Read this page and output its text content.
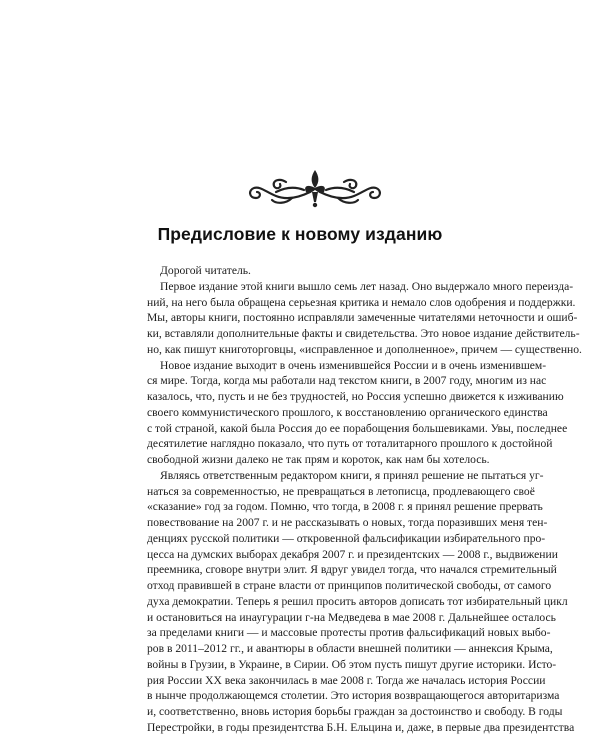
Предисловие к новому изданию
Дорогой читатель.
Первое издание этой книги вышло семь лет назад. Оно выдержало много переизда-
ний, на него была обращена серьезная критика и немало слов одобрения и поддержки.
Мы, авторы книги, постоянно исправляли замеченные читателями неточности и ошиб-
ки, вставляли дополнительные факты и свидетельства. Это новое издание действитель-
но, как пишут книготорговцы, «исправленное и дополненное», причем — существенно.
Новое издание выходит в очень изменившейся России и в очень изменившем-
ся мире. Тогда, когда мы работали над текстом книги, в 2007 году, многим из нас
казалось, что, пусть и не без трудностей, но Россия успешно движется к изживанию
своего коммунистического прошлого, к восстановлению органического единства
с той страной, какой была Россия до ее порабощения большевиками. Увы, последнее
десятилетие наглядно показало, что путь от тоталитарного прошлого к достойной
свободной жизни далеко не так прям и короток, как нам бы хотелось.
Являясь ответственным редактором книги, я принял решение не пытаться уг-
наться за современностью, не превращаться в летописца, продлевающего своё
«сказание» год за годом. Помню, что тогда, в 2008 г. я принял решение прервать
повествование на 2007 г. и не рассказывать о новых, тогда поразивших меня тен-
денциях русской политики — откровенной фальсификации избирательного про-
цесса на думских выборах декабря 2007 г. и президентских — 2008 г., выдвижении
преемника, сговоре внутри элит. Я вдруг увидел тогда, что начался стремительный
отход правившей в стране власти от принципов политической свободы, от самого
духа демократии. Теперь я решил просить авторов дописать тот избирательный цикл
и остановиться на инаугурации г-на Медведева в мае 2008 г. Дальнейшее осталось
за пределами книги — и массовые протесты против фальсификаций новых выбо-
ров в 2011–2012 гг., и авантюры в области внешней политики — аннексия Крыма,
войны в Грузии, в Украине, в Сирии. Об этом пусть пишут другие историки. Исто-
рия России XX века закончилась в мае 2008 г. Тогда же началась история России
в нынче продолжающемся столетии. Это история возвращающегося авторитаризма
и, соответственно, вновь история борьбы граждан за достоинство и свободу. В годы
Перестройки, в годы президентства Б.Н. Ельцина и, даже, в первые два президентства
